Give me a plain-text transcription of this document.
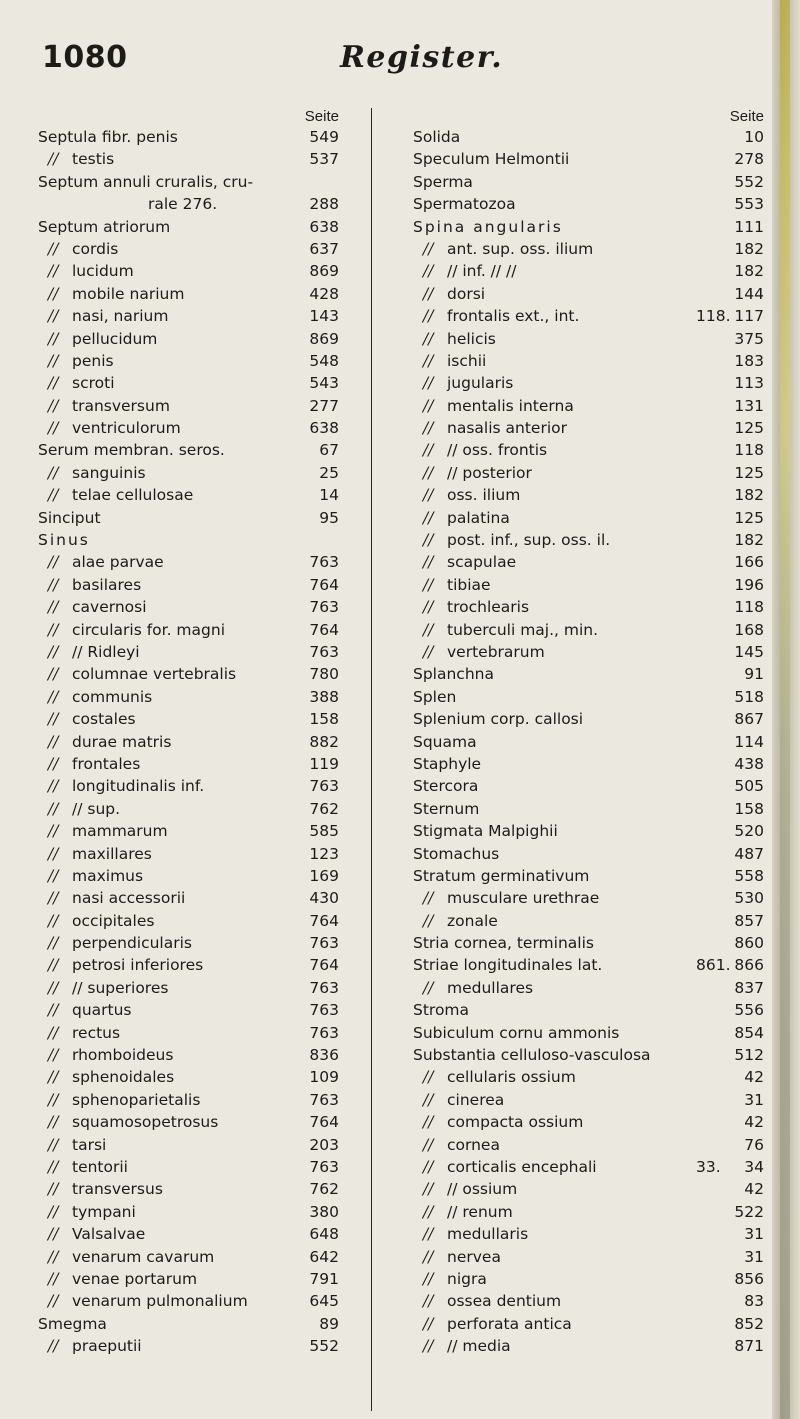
1080	Register.
Seite
Septula fibr. penis	549
// testis	537
Septum annuli cruralis, cru-
rale 276.	288
Septum atriorum	638
// cordis	637
// lucidum	869
// mobile narium	428
// nasi, narium	143
// pellucidum	869
// penis	548
// scroti	543
// transversum	277
// ventriculorum	638
Serum membran. seros.	67
// sanguinis	25
// telae cellulosae	14
Sinciput	95
Sinus
// alae parvae	763
// basilares	764
// cavernosi	763
// circularis for. magni	764
// // Ridleyi	763
// columnae vertebralis	780
// communis	388
// costales	158
// durae matris	882
// frontales	119
// longitudinalis inf.	763
// // sup.	762
// mammarum	585
// maxillares	123
// maximus	169
// nasi accessorii	430
// occipitales	764
// perpendicularis	763
// petrosi inferiores	764
// // superiores	763
// quartus	763
// rectus	763
// rhomboideus	836
// sphenoidales	109
// sphenoparietalis	763
// squamosopetrosus	764
// tarsi	203
// tentorii	763
// transversus	762
// tympani	380
// Valsalvae	648
// venarum cavarum	642
// venae portarum	791
// venarum pulmonalium	645
Smegma	89
// praeputii	552
Seite
Solida	10
Speculum Helmontii	278
Sperma	552
Spermatozoa	553
Spina angularis	111
// ant. sup. oss. ilium	182
// // inf. // //	182
// dorsi	144
// frontalis ext., int.	118. 117
// helicis	375
// ischii	183
// jugularis	113
// mentalis interna	131
// nasalis anterior	125
// // oss. frontis	118
// // posterior	125
// oss. ilium	182
// palatina	125
// post. inf., sup. oss. il.	182
// scapulae	166
// tibiae	196
// trochlearis	118
// tuberculi maj., min.	168
// vertebrarum	145
Splanchna	91
Splen	518
Splenium corp. callosi	867
Squama	114
Staphyle	438
Stercora	505
Sternum	158
Stigmata Malpighii	520
Stomachus	487
Stratum germinativum	558
// musculare urethrae	530
// zonale	857
Stria cornea, terminalis	860
Striae longitudinales lat.	861. 866
// medullares	837
Stroma	556
Subiculum cornu ammonis	854
Substantia celluloso-vasculosa	512
// cellularis ossium	42
// cinerea	31
// compacta ossium	42
// cornea	76
// corticalis encephali	33. 34
// // ossium	42
// // renum	522
// medullaris	31
// nervea	31
// nigra	856
// ossea dentium	83
// perforata antica	852
// // media	871
